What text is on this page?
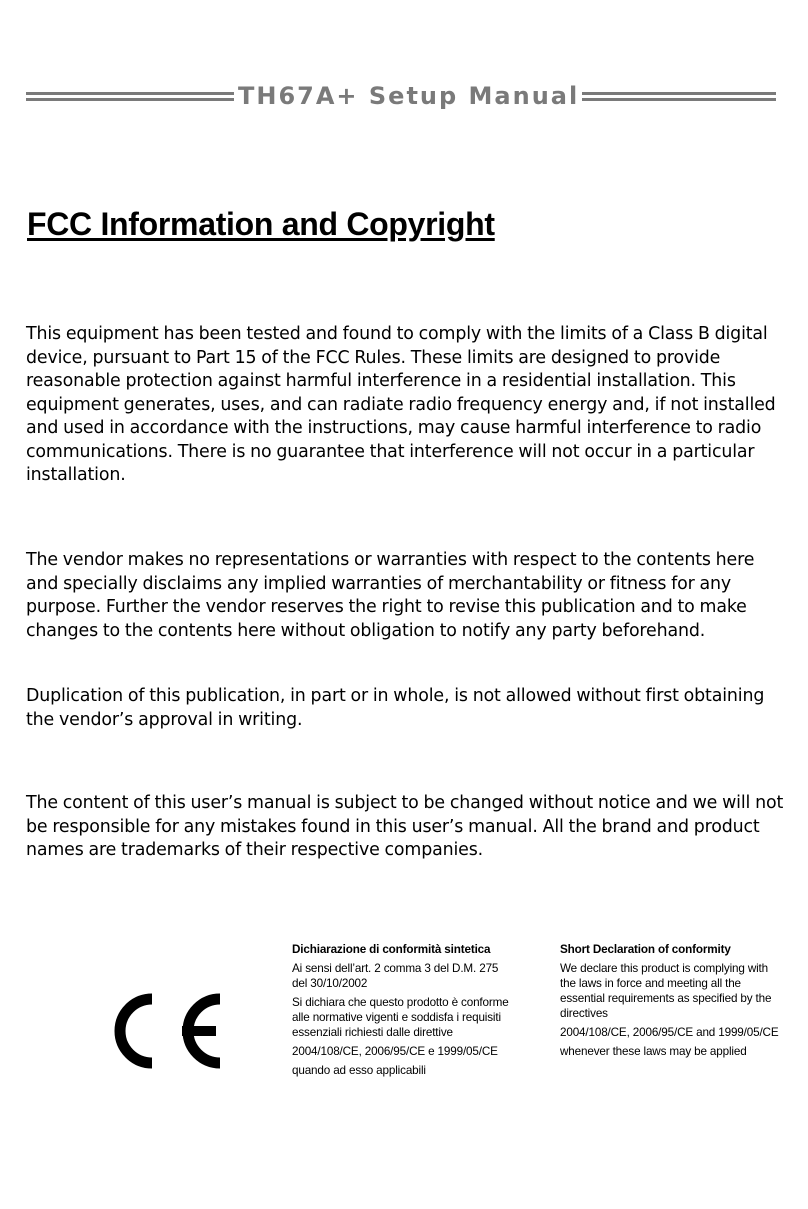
TH67A+ Setup Manual
FCC Information and Copyright

This equipment has been tested and found to comply with the limits of a Class B digital device, pursuant to Part 15 of the FCC Rules. These limits are designed to provide reasonable protection against harmful interference in a residential installation. This equipment generates, uses, and can radiate radio frequency energy and, if not installed and used in accordance with the instructions, may cause harmful interference to radio communications. There is no guarantee that interference will not occur in a particular installation.

The vendor makes no representations or warranties with respect to the contents here and specially disclaims any implied warranties of merchantability or fitness for any purpose. Further the vendor reserves the right to revise this publication and to make changes to the contents here without obligation to notify any party beforehand.

Duplication of this publication, in part or in whole, is not allowed without first obtaining the vendor’s approval in writing.

The content of this user’s manual is subject to be changed without notice and we will not be responsible for any mistakes found in this user’s manual. All the brand and product names are trademarks of their respective companies.

Dichiarazione di conformità sintetica

Ai sensi dell’art. 2 comma 3 del D.M. 275 del 30/10/2002

Si dichiara che questo prodotto è conforme alle normative vigenti e soddisfa i requisiti essenziali richiesti dalle direttive

2004/108/CE, 2006/95/CE e 1999/05/CE

quando ad esso applicabili

Short Declaration of conformity

We declare this product is complying with the laws in force and meeting all the essential requirements as specified by the directives

2004/108/CE, 2006/95/CE and 1999/05/CE

whenever these laws may be applied
